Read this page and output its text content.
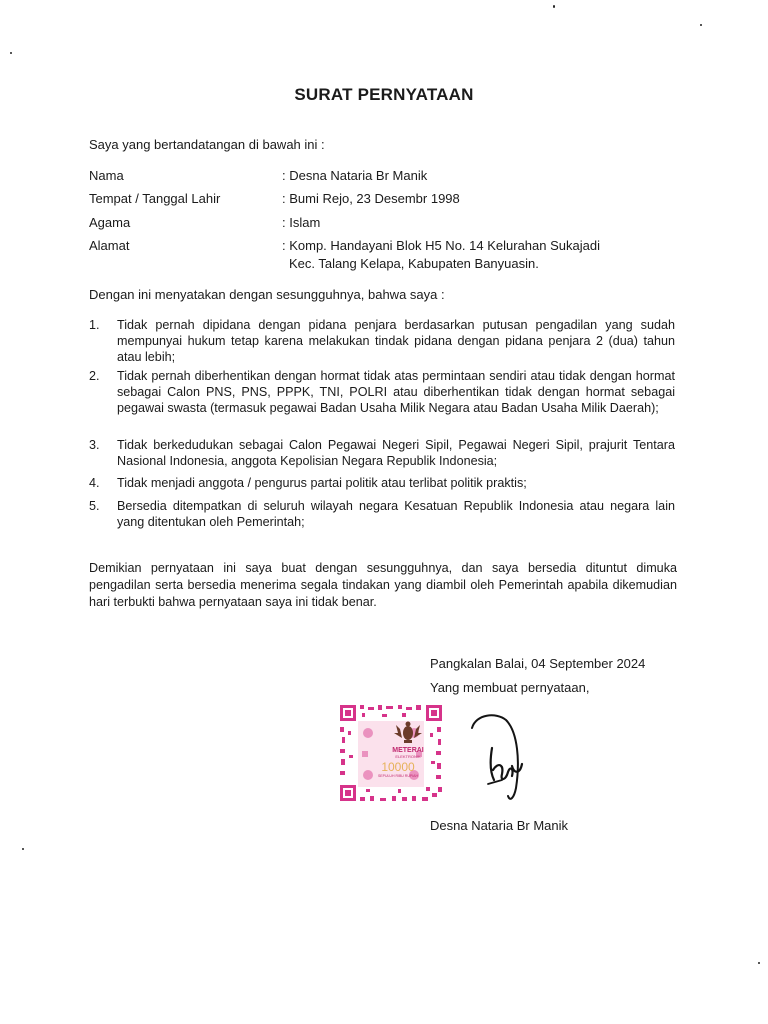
SURAT PERNYATAAN
Saya yang bertandatangan di bawah ini :
Nama	: Desna Nataria Br Manik
Tempat / Tanggal Lahir	: Bumi Rejo, 23 Desembr 1998
Agama	: Islam
Alamat	: Komp. Handayani Blok H5 No. 14 Kelurahan Sukajadi
Kec. Talang Kelapa, Kabupaten Banyuasin.
Dengan ini menyatakan dengan sesungguhnya, bahwa saya :
1. Tidak pernah dipidana dengan pidana penjara berdasarkan putusan pengadilan yang sudah mempunyai hukum tetap karena melakukan tindak pidana dengan pidana penjara 2 (dua) tahun atau lebih;
2. Tidak pernah diberhentikan dengan hormat tidak atas permintaan sendiri atau tidak dengan hormat sebagai Calon PNS, PNS, PPPK, TNI, POLRI atau diberhentikan tidak dengan hormat sebagai pegawai swasta (termasuk pegawai Badan Usaha Milik Negara atau Badan Usaha Milik Daerah);
3. Tidak berkedudukan sebagai Calon Pegawai Negeri Sipil, Pegawai Negeri Sipil, prajurit Tentara Nasional Indonesia, anggota Kepolisian Negara Republik Indonesia;
4. Tidak menjadi anggota / pengurus partai politik atau terlibat politik praktis;
5. Bersedia ditempatkan di seluruh wilayah negara Kesatuan Republik Indonesia atau negara lain yang ditentukan oleh Pemerintah;
Demikian pernyataan ini saya buat dengan sesungguhnya, dan saya bersedia dituntut dimuka pengadilan serta bersedia menerima segala tindakan yang diambil oleh Pemerintah apabila dikemudian hari terbukti bahwa pernyataan saya ini tidak benar.
Pangkalan Balai, 04 September 2024
Yang membuat pernyataan,
METERAI
ELEKTRONIK
10000
SEPULUH RIBU RUPIAH
Desna Nataria Br Manik
